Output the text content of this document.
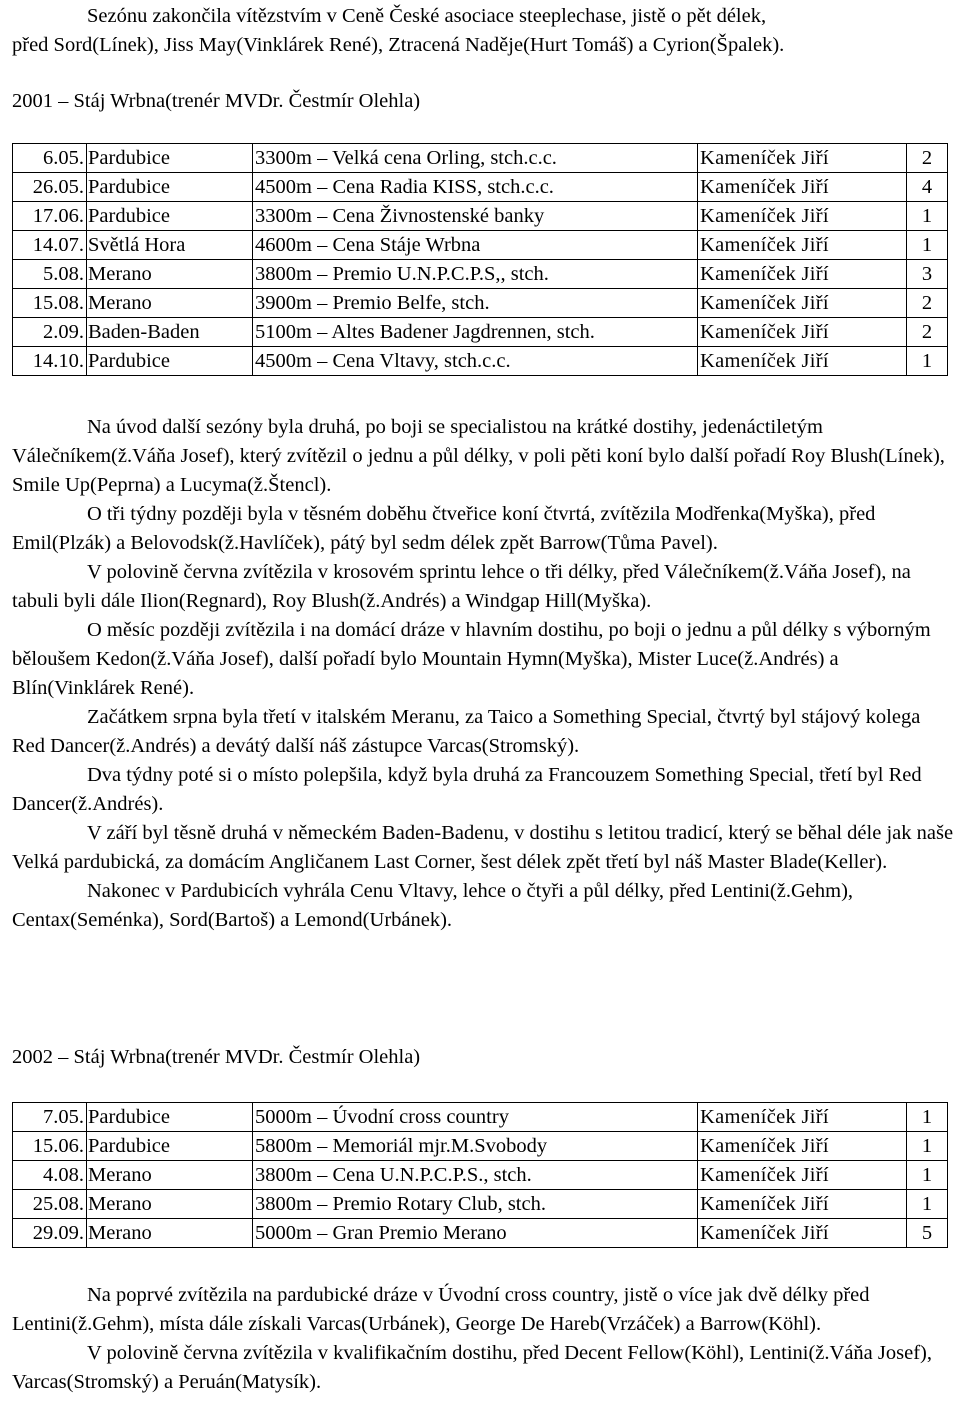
Sezónu zakončila vítězstvím v Ceně České asociace steeplechase, jistě o pět délek,

před Sord(Línek), Jiss May(Vinklárek René), Ztracená Naděje(Hurt Tomáš) a Cyrion(Špalek).

2001 – Stáj Wrbna(trenér MVDr. Čestmír Olehla)

6.05.	Pardubice	3300m – Velká cena Orling, stch.c.c.	Kameníček Jiří	2
26.05.	Pardubice	4500m – Cena Radia KISS, stch.c.c.	Kameníček Jiří	4
17.06.	Pardubice	3300m – Cena Živnostenské banky	Kameníček Jiří	1
14.07.	Světlá Hora	4600m – Cena Stáje Wrbna	Kameníček Jiří	1
5.08.	Merano	3800m – Premio U.N.P.C.P.S,, stch.	Kameníček Jiří	3
15.08.	Merano	3900m – Premio Belfe, stch.	Kameníček Jiří	2
2.09.	Baden-Baden	5100m – Altes Badener Jagdrennen, stch.	Kameníček Jiří	2
14.10.	Pardubice	4500m – Cena Vltavy, stch.c.c.	Kameníček Jiří	1

Na úvod další sezóny byla druhá, po boji se specialistou na krátké dostihy, jedenáctiletým Válečníkem(ž.Váňa Josef), který zvítězil o jednu a půl délky, v poli pěti koní bylo další pořadí Roy Blush(Línek), Smile Up(Peprna) a Lucyma(ž.Štencl).

O tři týdny později byla v těsném doběhu čtveřice koní čtvrtá, zvítězila Modřenka(Myška), před Emil(Plzák) a Belovodsk(ž.Havlíček), pátý byl sedm délek zpět Barrow(Tůma Pavel).

V polovině června zvítězila v krosovém sprintu lehce o tři délky, před Válečníkem(ž.Váňa Josef), na tabuli byli dále Ilion(Regnard), Roy Blush(ž.Andrés) a Windgap Hill(Myška).

O měsíc později zvítězila i na domácí dráze v hlavním dostihu, po boji o jednu a půl délky s výborným běloušem Kedon(ž.Váňa Josef), další pořadí bylo Mountain Hymn(Myška), Mister Luce(ž.Andrés) a Blín(Vinklárek René).

Začátkem srpna byla třetí v italském Meranu, za Taico a Something Special, čtvrtý byl stájový kolega Red Dancer(ž.Andrés) a devátý další náš zástupce Varcas(Stromský).

Dva týdny poté si o místo polepšila, když byla druhá za Francouzem Something Special, třetí byl Red Dancer(ž.Andrés).

V září byl těsně druhá v německém Baden-Badenu, v dostihu s letitou tradicí, který se běhal déle jak naše Velká pardubická, za domácím Angličanem Last Corner, šest délek zpět třetí byl náš Master Blade(Keller).

Nakonec v Pardubicích vyhrála Cenu Vltavy, lehce o čtyři a půl délky, před Lentini(ž.Gehm), Centax(Seménka), Sord(Bartoš) a Lemond(Urbánek).

2002 – Stáj Wrbna(trenér MVDr. Čestmír Olehla)

7.05.	Pardubice	5000m – Úvodní cross country	Kameníček Jiří	1
15.06.	Pardubice	5800m – Memoriál mjr.M.Svobody	Kameníček Jiří	1
4.08.	Merano	3800m – Cena U.N.P.C.P.S., stch.	Kameníček Jiří	1
25.08.	Merano	3800m – Premio Rotary Club, stch.	Kameníček Jiří	1
29.09.	Merano	5000m – Gran Premio Merano	Kameníček Jiří	5

Na poprvé zvítězila na pardubické dráze v Úvodní cross country, jistě o více jak dvě délky před Lentini(ž.Gehm), místa dále získali Varcas(Urbánek), George De Hareb(Vrzáček) a Barrow(Köhl).

V polovině června zvítězila v kvalifikačním dostihu, před Decent Fellow(Köhl), Lentini(ž.Váňa Josef), Varcas(Stromský) a Peruán(Matysík).
